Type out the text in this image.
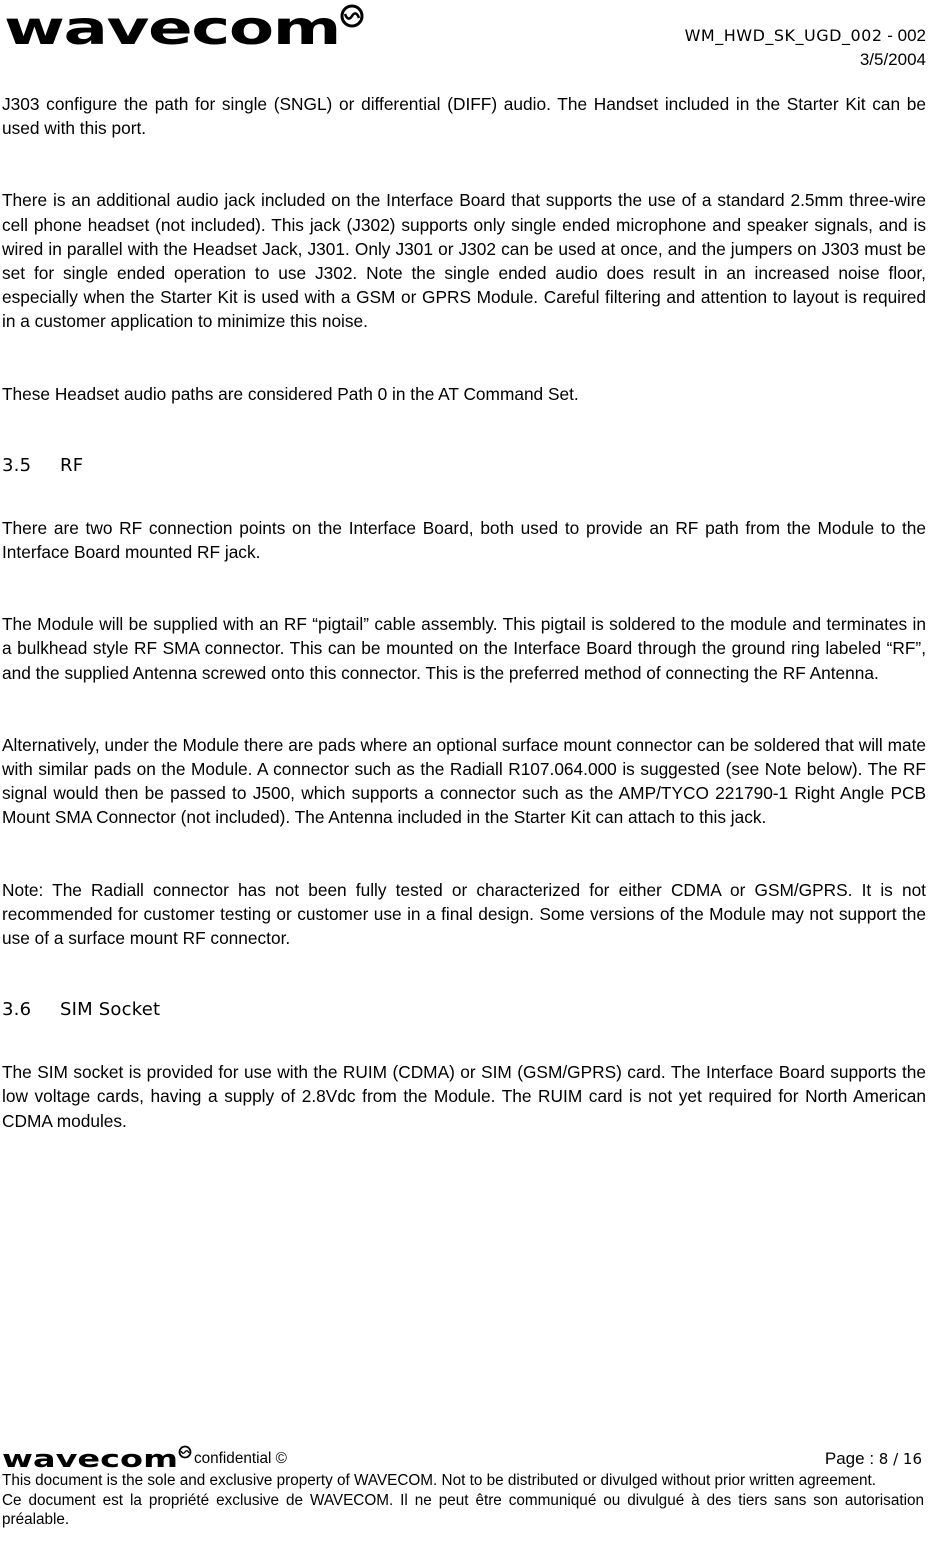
wavecom	WM_HWD_SK_UGD_002 - 002
3/5/2004

J303 configure the path for single (SNGL) or differential (DIFF) audio. The Handset included in the Starter Kit can be used with this port.

There is an additional audio jack included on the Interface Board that supports the use of a standard 2.5mm three-wire cell phone headset (not included). This jack (J302) supports only single ended microphone and speaker signals, and is wired in parallel with the Headset Jack, J301. Only J301 or J302 can be used at once, and the jumpers on J303 must be set for single ended operation to use J302. Note the single ended audio does result in an increased noise floor, especially when the Starter Kit is used with a GSM or GPRS Module. Careful filtering and attention to layout is required in a customer application to minimize this noise.

These Headset audio paths are considered Path 0 in the AT Command Set.

3.5 RF

There are two RF connection points on the Interface Board, both used to provide an RF path from the Module to the Interface Board mounted RF jack.

The Module will be supplied with an RF “pigtail” cable assembly. This pigtail is soldered to the module and terminates in a bulkhead style RF SMA connector. This can be mounted on the Interface Board through the ground ring labeled “RF”, and the supplied Antenna screwed onto this connector. This is the preferred method of connecting the RF Antenna.

Alternatively, under the Module there are pads where an optional surface mount connector can be soldered that will mate with similar pads on the Module. A connector such as the Radiall R107.064.000 is suggested (see Note below). The RF signal would then be passed to J500, which supports a connector such as the AMP/TYCO 221790-1 Right Angle PCB Mount SMA Connector (not included). The Antenna included in the Starter Kit can attach to this jack.

Note: The Radiall connector has not been fully tested or characterized for either CDMA or GSM/GPRS. It is not recommended for customer testing or customer use in a final design. Some versions of the Module may not support the use of a surface mount RF connector.

3.6 SIM Socket

The SIM socket is provided for use with the RUIM (CDMA) or SIM (GSM/GPRS) card. The Interface Board supports the low voltage cards, having a supply of 2.8Vdc from the Module. The RUIM card is not yet required for North American CDMA modules.

wavecom confidential ©	Page : 8 / 16
This document is the sole and exclusive property of WAVECOM. Not to be distributed or divulged without prior written agreement.
Ce document est la propriété exclusive de WAVECOM. Il ne peut être communiqué ou divulgué à des tiers sans son autorisation préalable.
